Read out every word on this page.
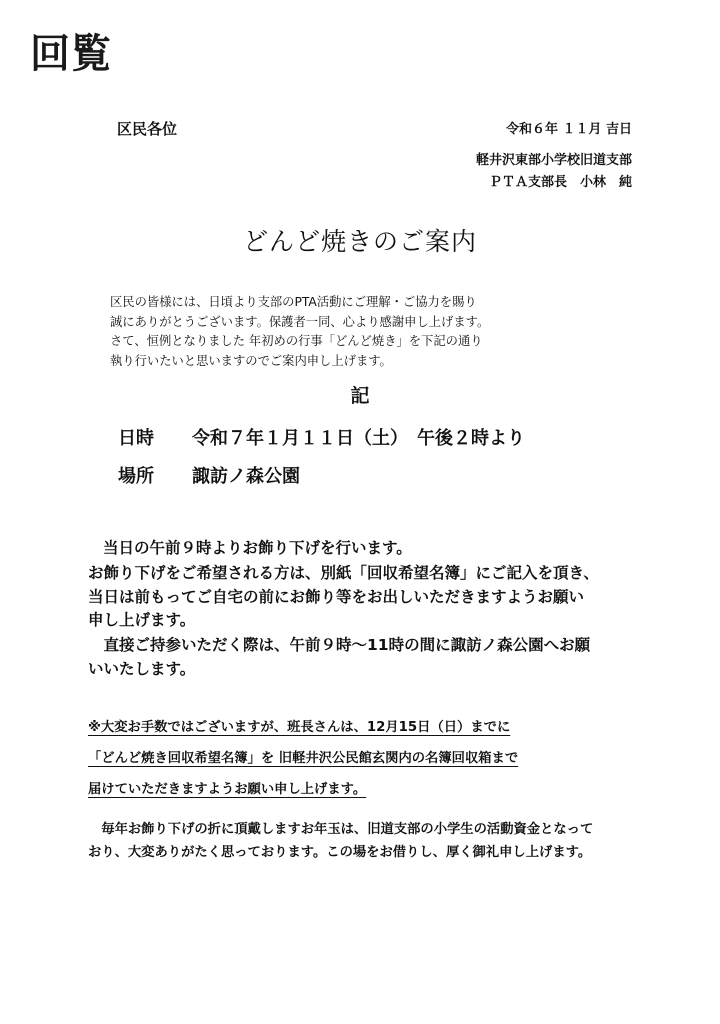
回覧
区民各位	令和６年 １１月 吉日
軽井沢東部小学校旧道支部
ＰＴＡ支部長　小林　純
どんど焼きのご案内
区民の皆様には、日頃より支部のPTA活動にご理解・ご協力を賜り
誠にありがとうございます。保護者一同、心より感謝申し上げます。
さて、恒例となりました 年初めの行事「どんど焼き」を下記の通り
執り行いたいと思いますのでご案内申し上げます。
記
日時 令和７年１月１１日（土）　午後２時より
場所 諏訪ノ森公園
当日の午前９時よりお飾り下げを行います。
お飾り下げをご希望される方は、別紙「回収希望名簿」にご記入を頂き、
当日は前もってご自宅の前にお飾り等をお出しいただきますようお願い
申し上げます。
　直接ご持参いただく際は、午前９時～11時の間に諏訪ノ森公園へお願
いいたします。
※大変お手数ではございますが、班長さんは、12月15日（日）までに
「どんど焼き回収希望名簿」を 旧軽井沢公民館玄関内の名簿回収箱まで
届けていただきますようお願い申し上げます。
　毎年お飾り下げの折に頂戴しますお年玉は、旧道支部の小学生の活動資金となって
おり、大変ありがたく思っております。この場をお借りし、厚く御礼申し上げます。
